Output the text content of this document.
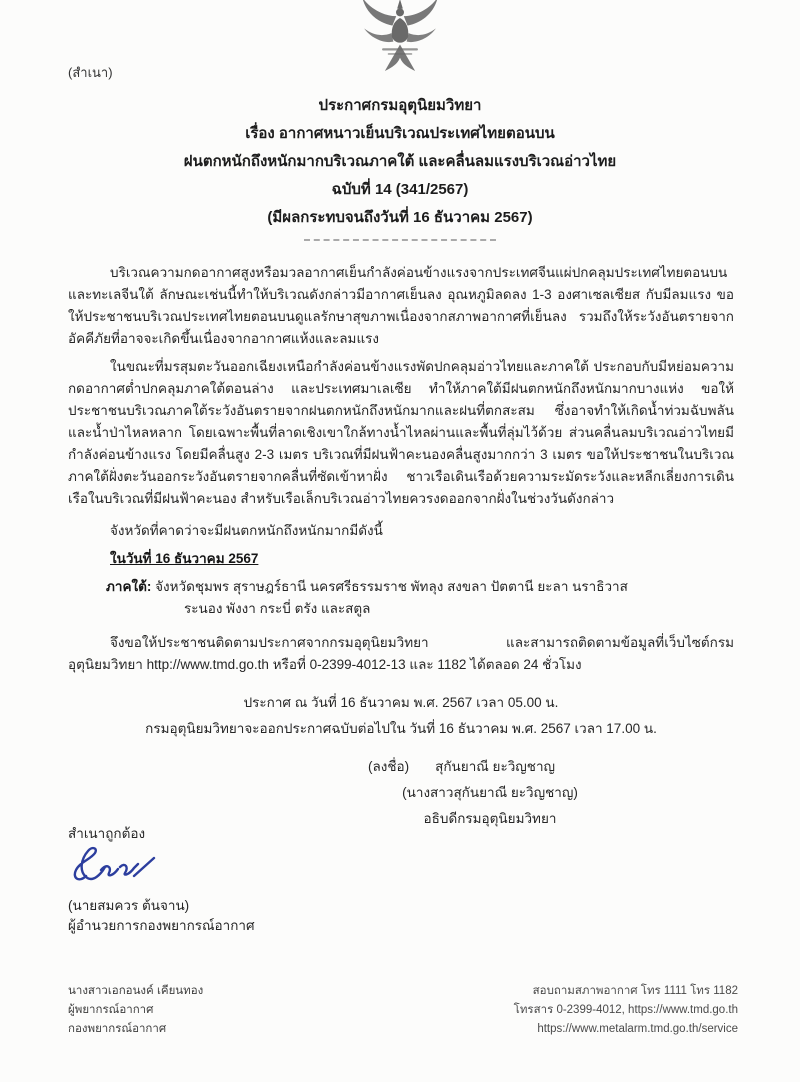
(สำเนา)
ประกาศกรมอุตุนิยมวิทยา
เรื่อง อากาศหนาวเย็นบริเวณประเทศไทยตอนบน
ฝนตกหนักถึงหนักมากบริเวณภาคใต้ และคลื่นลมแรงบริเวณอ่าวไทย
ฉบับที่ 14 (341/2567)
(มีผลกระทบจนถึงวันที่ 16 ธันวาคม 2567)

บริเวณความกดอากาศสูงหรือมวลอากาศเย็นกำลังค่อนข้างแรงจากประเทศจีนแผ่ปกคลุมประเทศไทยตอนบนและทะเลจีนใต้ ลักษณะเช่นนี้ทำให้บริเวณดังกล่าวมีอากาศเย็นลง อุณหภูมิลดลง 1-3 องศาเซลเซียส กับมีลมแรง ขอให้ประชาชนบริเวณประเทศไทยตอนบนดูแลรักษาสุขภาพเนื่องจากสภาพอากาศที่เย็นลง รวมถึงให้ระวังอันตรายจากอัคคีภัยที่อาจจะเกิดขึ้นเนื่องจากอากาศแห้งและลมแรง

ในขณะที่มรสุมตะวันออกเฉียงเหนือกำลังค่อนข้างแรงพัดปกคลุมอ่าวไทยและภาคใต้ ประกอบกับมีหย่อมความกดอากาศต่ำปกคลุมภาคใต้ตอนล่าง และประเทศมาเลเซีย ทำให้ภาคใต้มีฝนตกหนักถึงหนักมากบางแห่ง ขอให้ประชาชนบริเวณภาคใต้ระวังอันตรายจากฝนตกหนักถึงหนักมากและฝนที่ตกสะสม ซึ่งอาจทำให้เกิดน้ำท่วมฉับพลันและน้ำป่าไหลหลาก โดยเฉพาะพื้นที่ลาดเชิงเขาใกล้ทางน้ำไหลผ่านและพื้นที่ลุ่มไว้ด้วย ส่วนคลื่นลมบริเวณอ่าวไทยมีกำลังค่อนข้างแรง โดยมีคลื่นสูง 2-3 เมตร บริเวณที่มีฝนฟ้าคะนองคลื่นสูงมากกว่า 3 เมตร ขอให้ประชาชนในบริเวณภาคใต้ฝั่งตะวันออกระวังอันตรายจากคลื่นที่ซัดเข้าหาฝั่ง ชาวเรือเดินเรือด้วยความระมัดระวังและหลีกเลี่ยงการเดินเรือในบริเวณที่มีฝนฟ้าคะนอง สำหรับเรือเล็กบริเวณอ่าวไทยควรงดออกจากฝั่งในช่วงวันดังกล่าว

จังหวัดที่คาดว่าจะมีฝนตกหนักถึงหนักมากมีดังนี้
ในวันที่ 16 ธันวาคม 2567
ภาคใต้: จังหวัดชุมพร สุราษฎร์ธานี นครศรีธรรมราช พัทลุง สงขลา ปัตตานี ยะลา นราธิวาส
ระนอง พังงา กระบี่ ตรัง และสตูล

จึงขอให้ประชาชนติดตามประกาศจากกรมอุตุนิยมวิทยา และสามารถติดตามข้อมูลที่เว็บไซต์กรมอุตุนิยมวิทยา http://www.tmd.go.th หรือที่ 0-2399-4012-13 และ 1182 ได้ตลอด 24 ชั่วโมง

ประกาศ ณ วันที่ 16 ธันวาคม พ.ศ. 2567 เวลา 05.00 น.
กรมอุตุนิยมวิทยาจะออกประกาศฉบับต่อไปใน วันที่ 16 ธันวาคม พ.ศ. 2567 เวลา 17.00 น.
(ลงชื่อ) สุกันยาณี ยะวิญชาญ
(นางสาวสุกันยาณี ยะวิญชาญ)
อธิบดีกรมอุตุนิยมวิทยา
สำเนาถูกต้อง
(นายสมควร ต้นจาน)
ผู้อำนวยการกองพยากรณ์อากาศ
นางสาวเอกอนงค์ เคียนทอง
ผู้พยากรณ์อากาศ
กองพยากรณ์อากาศ
สอบถามสภาพอากาศ โทร 1111 โทร 1182
โทรสาร 0-2399-4012, https://www.tmd.go.th
https://www.metalarm.tmd.go.th/service
